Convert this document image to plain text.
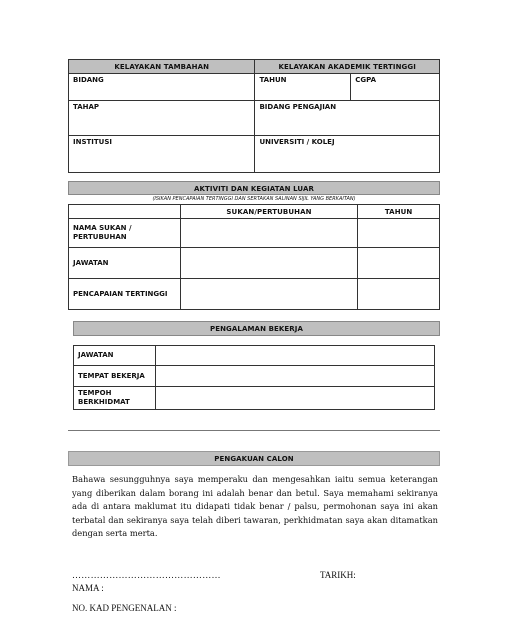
KELAYAKAN TAMBAHAN	KELAYAKAN AKADEMIK TERTINGGI	

BIDANG	TAHUN	CGPA

TAHAP	BIDANG PENGAJIAN	

INSTITUSI	UNIVERSITI / KOLEJ	
AKTIVITI DAN KEGIATAN LUAR
(ISIKAN PENCAPAIAN TERTINGGI DAN SERTAKAN SALINAN SIJIL YANG BERKAITAN)
	SUKAN/PERTUBUHAN	TAHUN

NAMA SUKAN / PERTUBUHAN		

JAWATAN		

PENCAPAIAN TERTINGGI		

PENGALAMAN BEKERJA
JAWATAN	

TEMPAT BEKERJA	

TEMPOH BERKHIDMAT	

PENGAKUAN CALON
Bahawa sesungguhnya saya memperaku dan mengesahkan iaitu semua keterangan yang diberikan dalam borang ini adalah benar dan betul. Saya memahami sekiranya ada di antara maklumat itu didapati tidak benar / palsu, permohonan saya ini akan terbatal dan sekiranya saya telah diberi tawaran, perkhidmatan saya akan ditamatkan dengan serta merta.
…………………………………………	TARIKH:
NAMA :
NO. KAD PENGENALAN :
